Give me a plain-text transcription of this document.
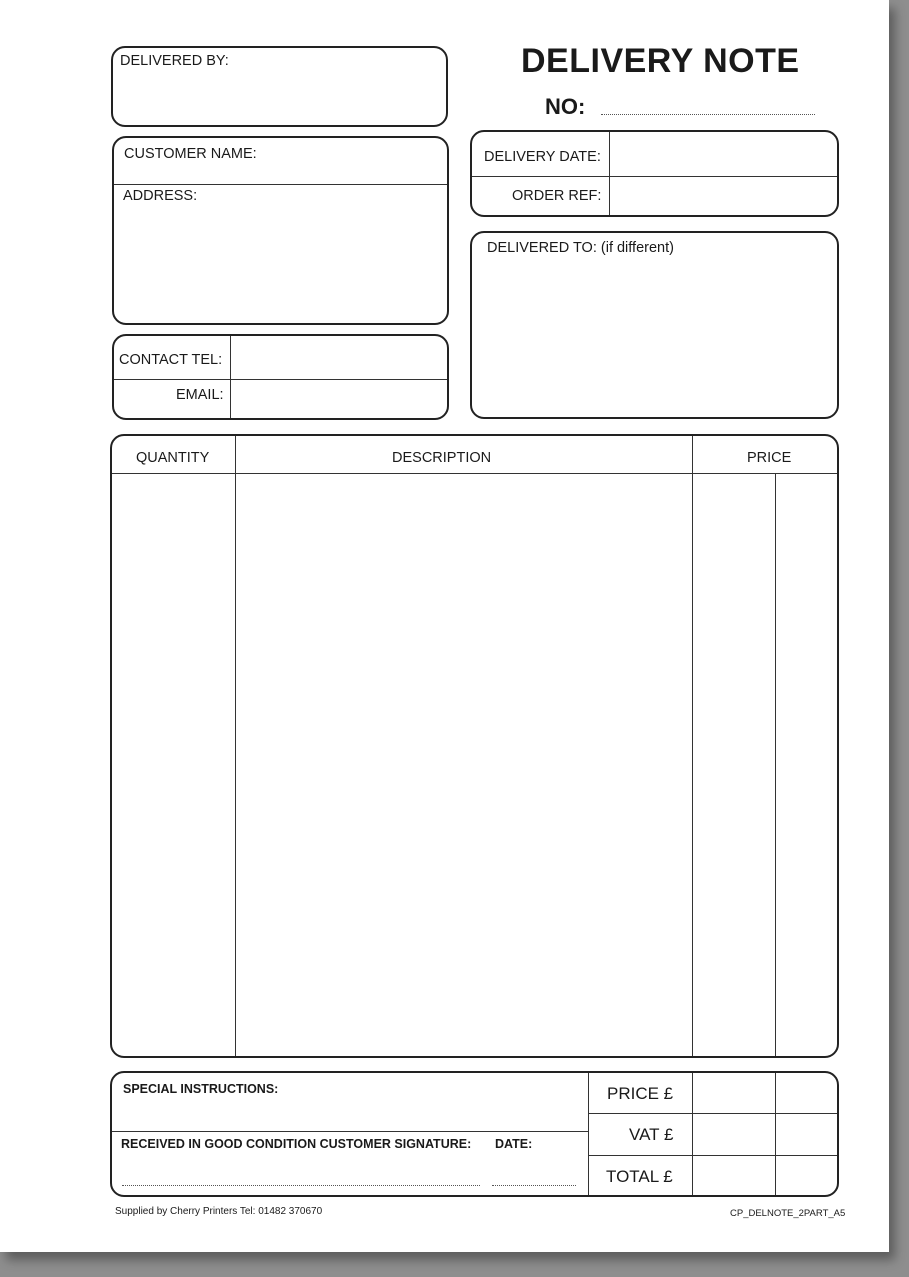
DELIVERY NOTE
NO:
DELIVERED BY:
CUSTOMER NAME:
ADDRESS:
CONTACT TEL:
EMAIL:
DELIVERY DATE:
ORDER REF:
DELIVERED TO: (if different)
QUANTITY	DESCRIPTION	PRICE
SPECIAL INSTRUCTIONS:
RECEIVED IN GOOD CONDITION CUSTOMER SIGNATURE: DATE:
PRICE £
VAT £
TOTAL £
Supplied by Cherry Printers Tel: 01482 370670	CP_DELNOTE_2PART_A5
